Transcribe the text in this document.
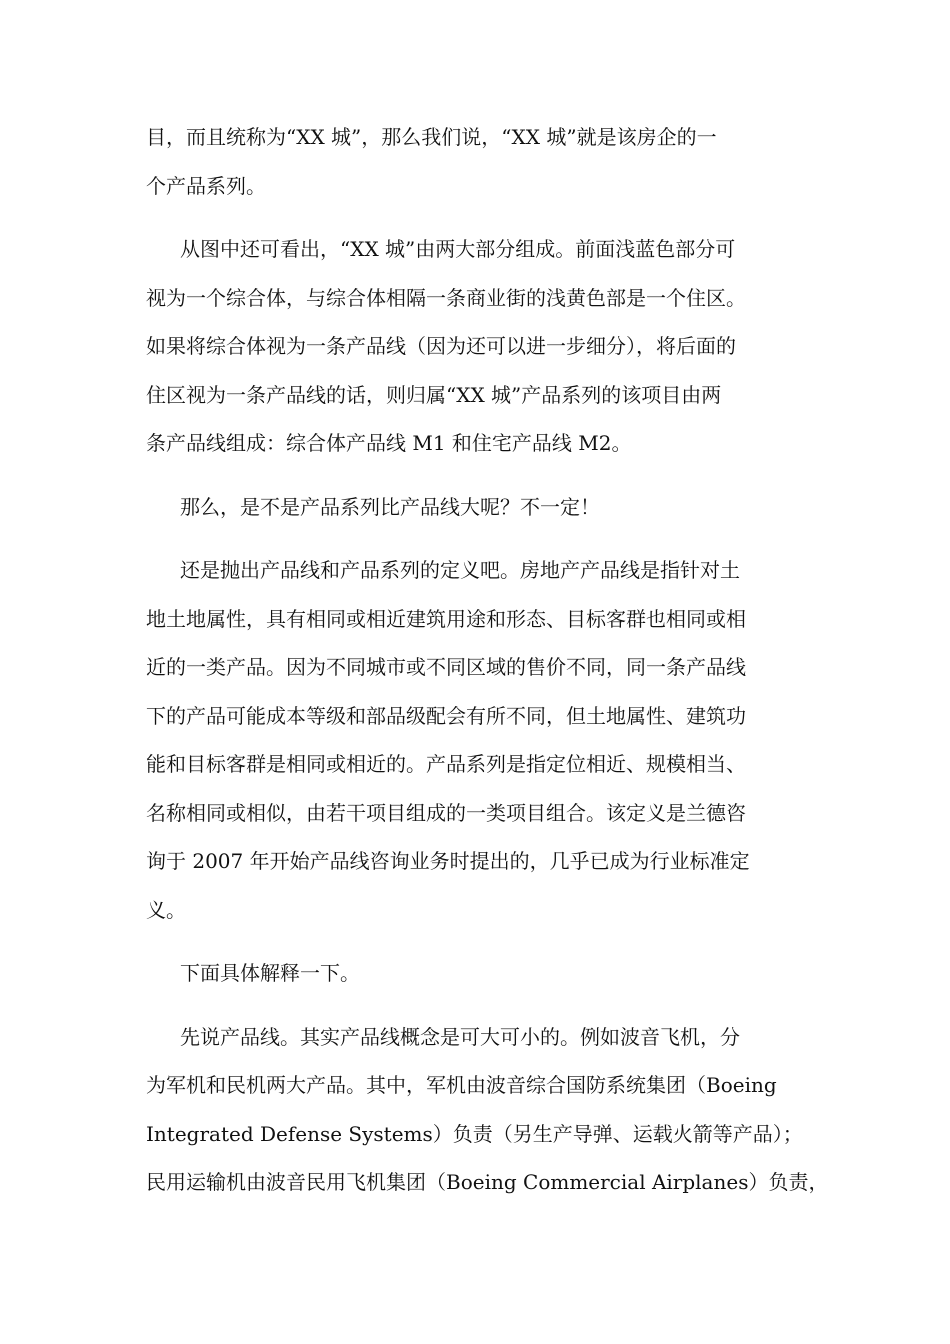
目，而且统称为“XX 城”，那么我们说，“XX 城”就是该房企的一
个产品系列。

从图中还可看出，“XX 城”由两大部分组成。前面浅蓝色部分可
视为一个综合体，与综合体相隔一条商业街的浅黄色部是一个住区。
如果将综合体视为一条产品线（因为还可以进一步细分），将后面的
住区视为一条产品线的话，则归属“XX 城”产品系列的该项目由两
条产品线组成：综合体产品线 M1 和住宅产品线 M2。

那么，是不是产品系列比产品线大呢？不一定！

还是抛出产品线和产品系列的定义吧。房地产产品线是指针对土
地土地属性，具有相同或相近建筑用途和形态、目标客群也相同或相
近的一类产品。因为不同城市或不同区域的售价不同，同一条产品线
下的产品可能成本等级和部品级配会有所不同，但土地属性、建筑功
能和目标客群是相同或相近的。产品系列是指定位相近、规模相当、
名称相同或相似，由若干项目组成的一类项目组合。该定义是兰德咨
询于 2007 年开始产品线咨询业务时提出的，几乎已成为行业标准定
义。

下面具体解释一下。

先说产品线。其实产品线概念是可大可小的。例如波音飞机，分
为军机和民机两大产品。其中，军机由波音综合国防系统集团（Boeing
Integrated Defense Systems）负责（另生产导弹、运载火箭等产品）；
民用运输机由波音民用飞机集团（Boeing Commercial Airplanes）负责，
